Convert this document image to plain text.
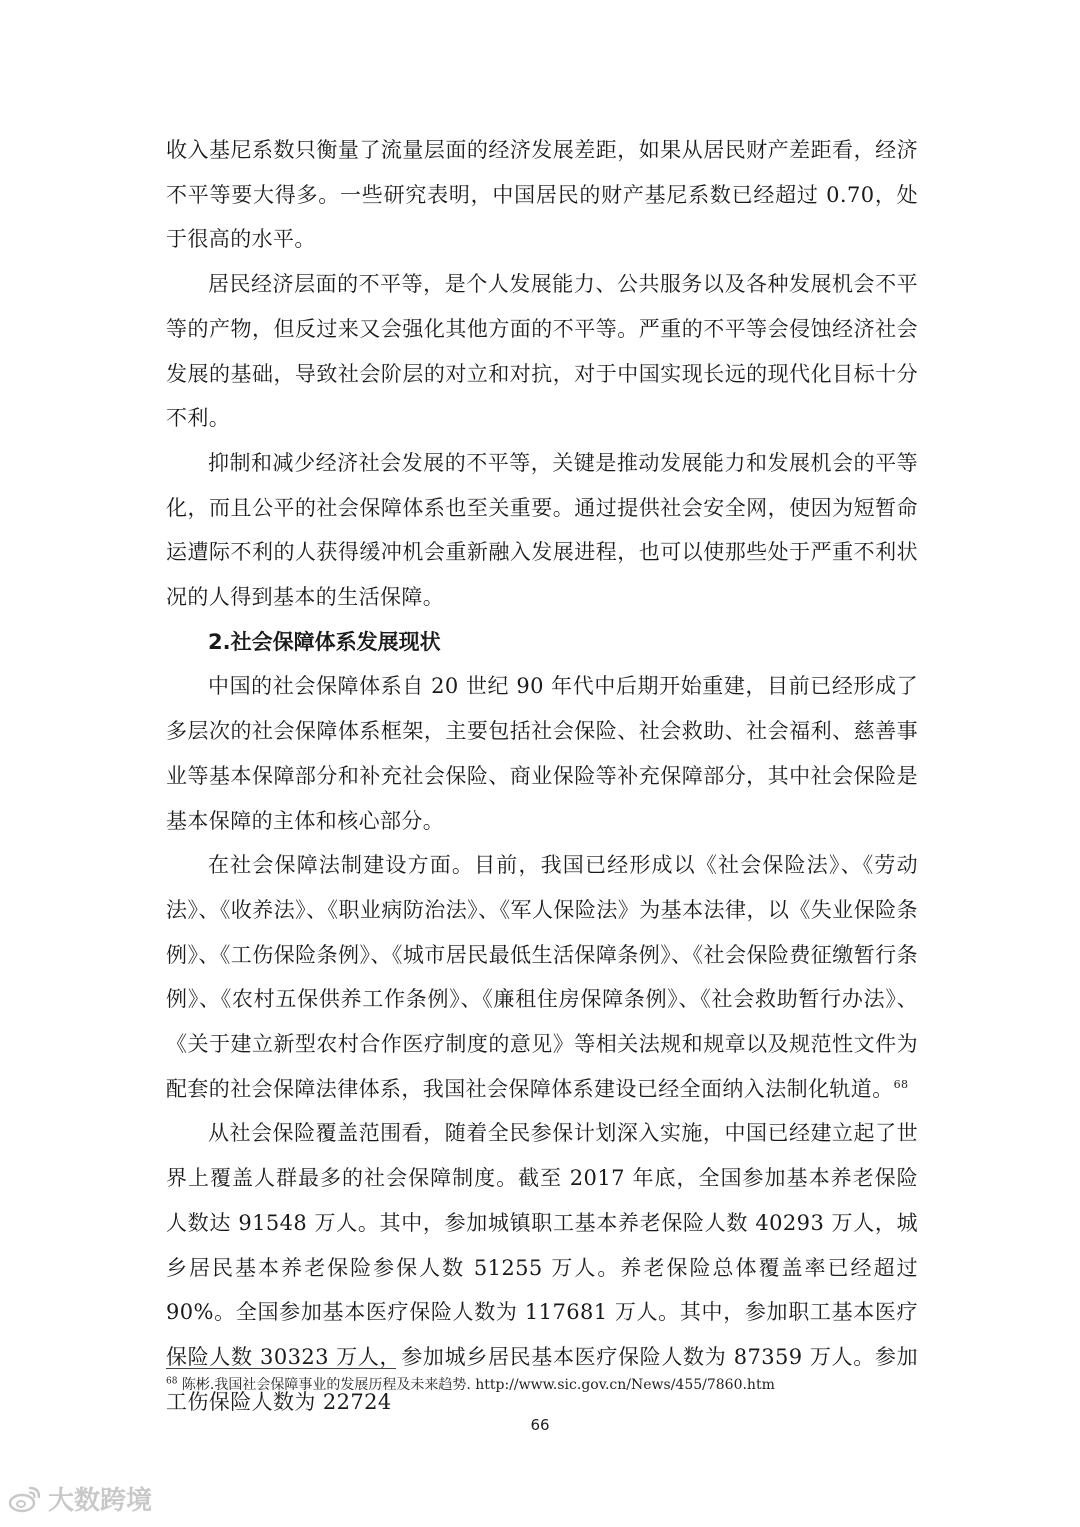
收入基尼系数只衡量了流量层面的经济发展差距，如果从居民财产差距看，经济不平等要大得多。一些研究表明，中国居民的财产基尼系数已经超过 0.70，处于很高的水平。

居民经济层面的不平等，是个人发展能力、公共服务以及各种发展机会不平等的产物，但反过来又会强化其他方面的不平等。严重的不平等会侵蚀经济社会发展的基础，导致社会阶层的对立和对抗，对于中国实现长远的现代化目标十分不利。

抑制和减少经济社会发展的不平等，关键是推动发展能力和发展机会的平等化，而且公平的社会保障体系也至关重要。通过提供社会安全网，使因为短暂命运遭际不利的人获得缓冲机会重新融入发展进程，也可以使那些处于严重不利状况的人得到基本的生活保障。

2.社会保障体系发展现状

中国的社会保障体系自 20 世纪 90 年代中后期开始重建，目前已经形成了多层次的社会保障体系框架，主要包括社会保险、社会救助、社会福利、慈善事业等基本保障部分和补充社会保险、商业保险等补充保障部分，其中社会保险是基本保障的主体和核心部分。

在社会保障法制建设方面。目前，我国已经形成以《社会保险法》、《劳动法》、《收养法》、《职业病防治法》、《军人保险法》为基本法律，以《失业保险条例》、《工伤保险条例》、《城市居民最低生活保障条例》、《社会保险费征缴暂行条例》、《农村五保供养工作条例》、《廉租住房保障条例》、《社会救助暂行办法》、《关于建立新型农村合作医疗制度的意见》等相关法规和规章以及规范性文件为配套的社会保障法律体系，我国社会保障体系建设已经全面纳入法制化轨道。$^{68}$

从社会保险覆盖范围看，随着全民参保计划深入实施，中国已经建立起了世界上覆盖人群最多的社会保障制度。截至 2017 年底，全国参加基本养老保险人数达 91548 万人。其中，参加城镇职工基本养老保险人数 40293 万人，城乡居民基本养老保险参保人数 51255 万人。养老保险总体覆盖率已经超过 90%。全国参加基本医疗保险人数为 117681 万人。其中，参加职工基本医疗保险人数 30323 万人，参加城乡居民基本医疗保险人数为 87359 万人。参加工伤保险人数为 22724

$^{68}$ 陈彬.我国社会保障事业的发展历程及未来趋势. http://www.sic.gov.cn/News/455/7860.htm
66
大数跨境
